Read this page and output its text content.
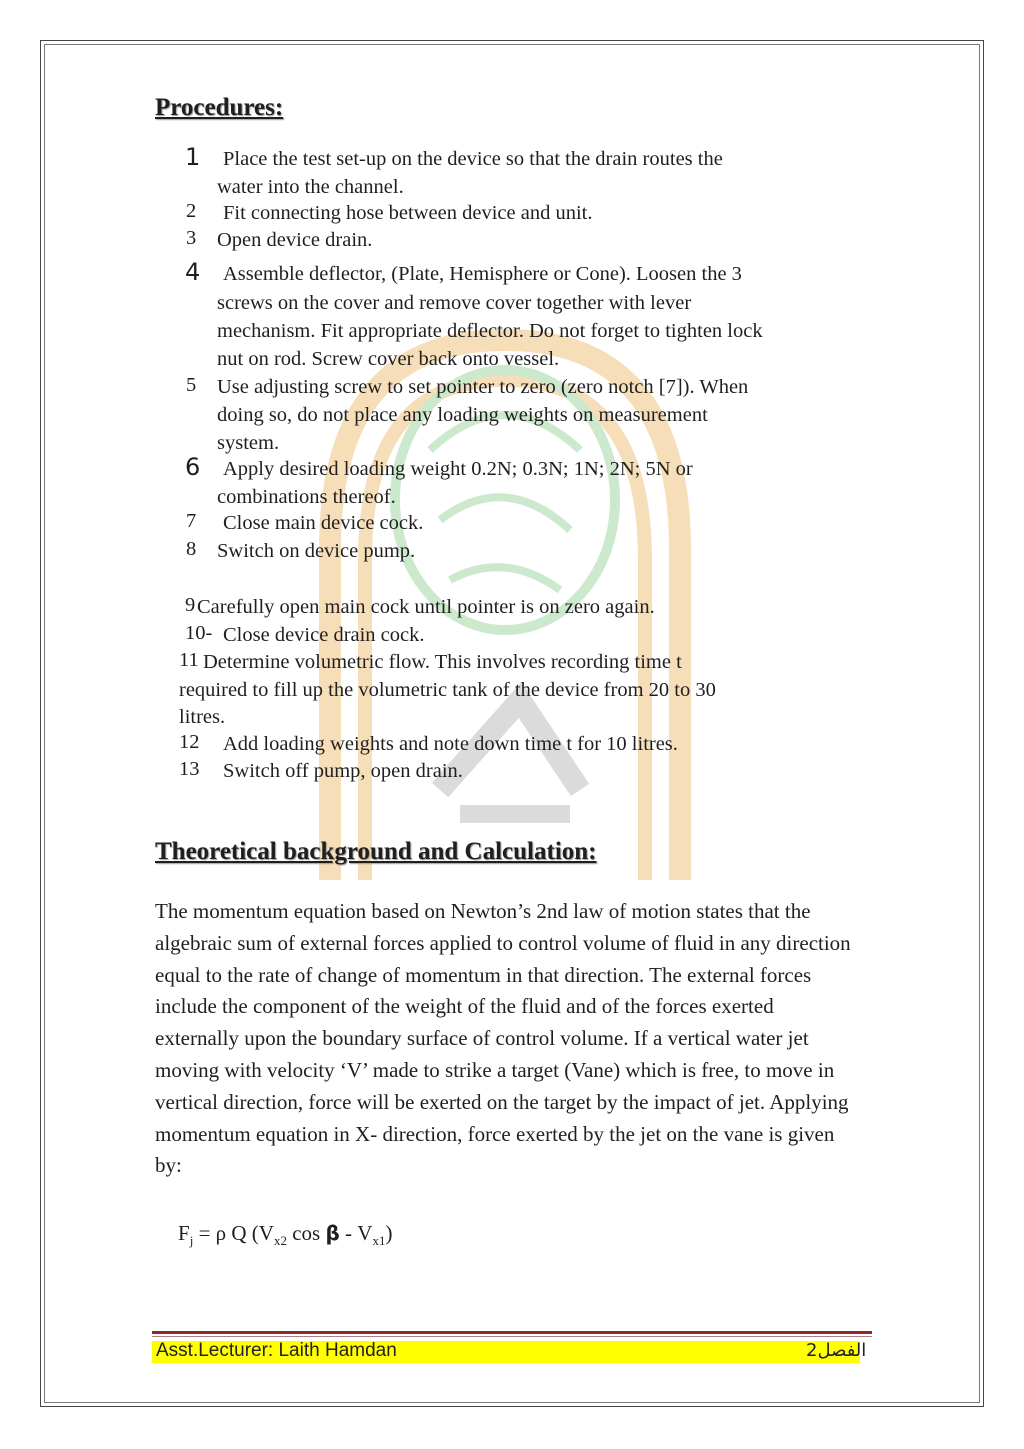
Procedures:
1 Place the test set-up on the device so that the drain routes the
water into the channel.
2 Fit connecting hose between device and unit.
3 Open device drain.
4 Assemble deflector, (Plate, Hemisphere or Cone). Loosen the 3
screws on the cover and remove cover together with lever
mechanism. Fit appropriate deflector. Do not forget to tighten lock
nut on rod. Screw cover back onto vessel.
5 Use adjusting screw to set pointer to zero (zero notch [7]). When
doing so, do not place any loading weights on measurement
system.
6 Apply desired loading weight 0.2N; 0.3N; 1N; 2N; 5N or
combinations thereof.
7 Close main device cock.
8 Switch on device pump.
9 Carefully open main cock until pointer is on zero again.
10- Close device drain cock.
11 Determine volumetric flow. This involves recording time t
required to fill up the volumetric tank of the device from 20 to 30
litres.
12 Add loading weights and note down time t for 10 litres.
13 Switch off pump, open drain.
Theoretical background and Calculation:
The momentum equation based on Newton’s 2nd law of motion states that the algebraic sum of external forces applied to control volume of fluid in any direction equal to the rate of change of momentum in that direction. The external forces include the component of the weight of the fluid and of the forces exerted externally upon the boundary surface of control volume. If a vertical water jet moving with velocity ‘V’ made to strike a target (Vane) which is free, to move in vertical direction, force will be exerted on the target by the impact of jet. Applying momentum equation in X- direction, force exerted by the jet on the vane is given by:
$F_j = \rho$ Q ($V_{x2}$ cos β - $V_{x1}$)
Asst.Lecturer: Laith Hamdan	الفصل2
